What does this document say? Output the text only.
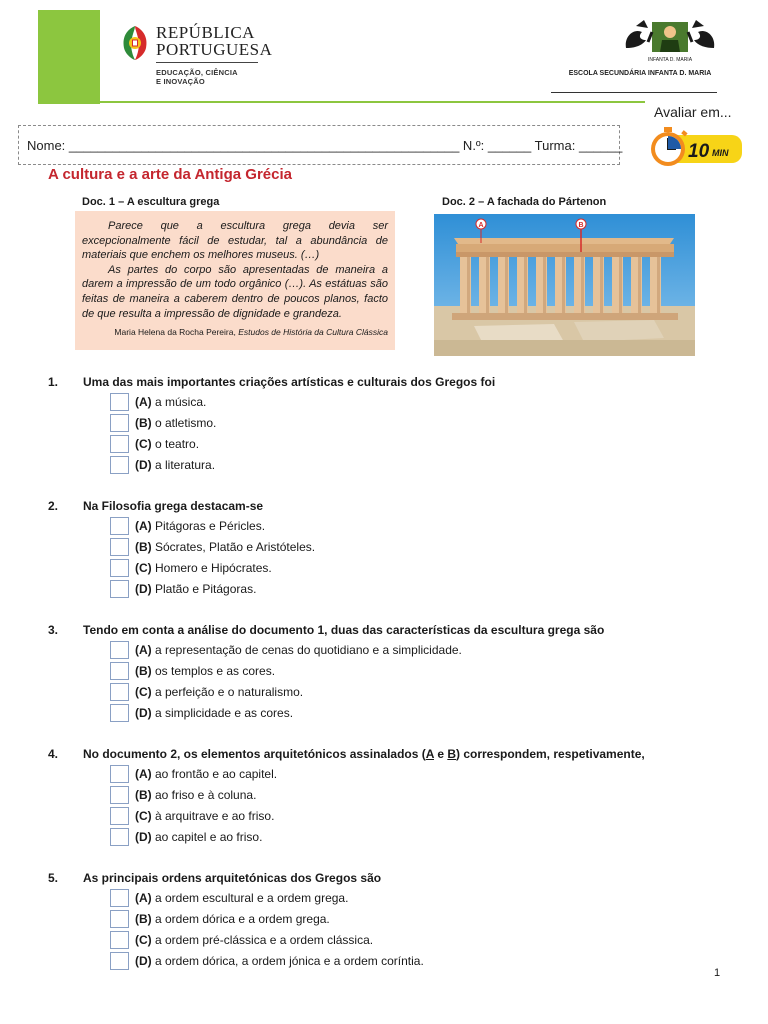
REPÚBLICA
PORTUGUESA
EDUCAÇÃO, CIÊNCIA
E INOVAÇÃO
INFANTA D. MARIA
ESCOLA SECUNDÁRIA INFANTA D. MARIA
Avaliar em...
10 MIN
Nome: ______________________________________________________ N.º: ______ Turma: ______
A cultura e a arte da Antiga Grécia
Doc. 1 – A escultura grega	Doc. 2 – A fachada do Pártenon

Parece que a escultura grega devia ser excepcionalmente fácil de estudar, tal a abundância de materiais que enchem os melhores museus. (…)

As partes do corpo são apresentadas de maneira a darem a impressão de um todo orgânico (…). As estátuas são feitas de maneira a caberem dentro de poucos planos, facto de que resulta a impressão de dignidade e grandeza.

Maria Helena da Rocha Pereira, Estudos de História da Cultura Clássica
A	B
1. Uma das mais importantes criações artísticas e culturais dos Gregos foi
(A) a música.
(B) o atletismo.
(C) o teatro.
(D) a literatura.
2. Na Filosofia grega destacam-se
(A) Pitágoras e Péricles.
(B) Sócrates, Platão e Aristóteles.
(C) Homero e Hipócrates.
(D) Platão e Pitágoras.
3. Tendo em conta a análise do documento 1, duas das características da escultura grega são
(A) a representação de cenas do quotidiano e a simplicidade.
(B) os templos e as cores.
(C) a perfeição e o naturalismo.
(D) a simplicidade e as cores.
4. No documento 2, os elementos arquitetónicos assinalados (A e B) correspondem, respetivamente,
(A) ao frontão e ao capitel.
(B) ao friso e à coluna.
(C) à arquitrave e ao friso.
(D) ao capitel e ao friso.
5. As principais ordens arquitetónicas dos Gregos são
(A) a ordem escultural e a ordem grega.
(B) a ordem dórica e a ordem grega.
(C) a ordem pré-clássica e a ordem clássica.
(D) a ordem dórica, a ordem jónica e a ordem coríntia.
1
